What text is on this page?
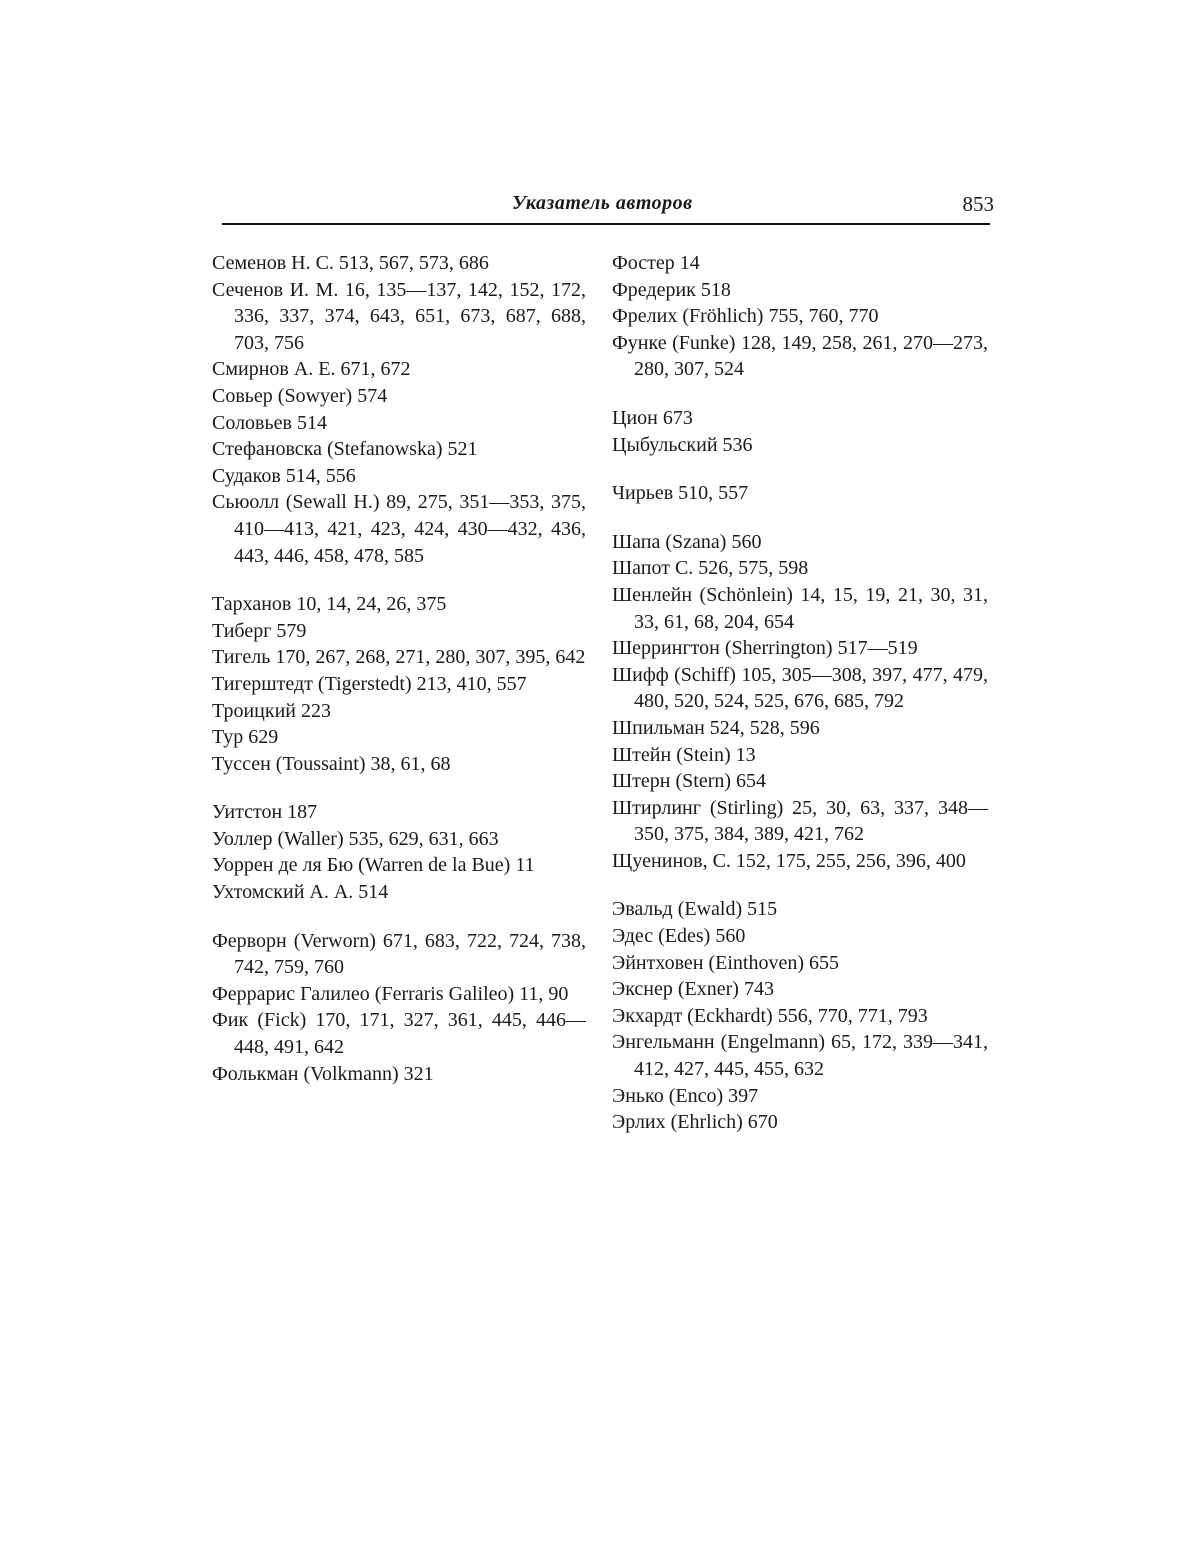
Указатель авторов	853

Семенов Н. С. 513, 567, 573, 686

Сеченов И. М. 16, 135—137, 142, 152, 172, 336, 337, 374, 643, 651, 673, 687, 688, 703, 756

Смирнов А. Е. 671, 672

Совьер (Sowyer) 574

Соловьев 514

Стефановска (Stefanowska) 521

Судаков 514, 556

Сьюолл (Sewall H.) 89, 275, 351—353, 375, 410—413, 421, 423, 424, 430—432, 436, 443, 446, 458, 478, 585

Тарханов 10, 14, 24, 26, 375

Тиберг 579

Тигель 170, 267, 268, 271, 280, 307, 395, 642

Тигерштедт (Tigerstedt) 213, 410, 557

Троицкий 223

Тур 629

Туссен (Toussaint) 38, 61, 68

Уитстон 187

Уоллер (Waller) 535, 629, 631, 663

Уоррен де ля Бю (Warren de la Bue) 11

Ухтомский А. А. 514

Ферворн (Verworn) 671, 683, 722, 724, 738, 742, 759, 760

Феррарис Галилео (Ferraris Galileo) 11, 90

Фик (Fick) 170, 171, 327, 361, 445, 446—448, 491, 642

Фолькман (Volkmann) 321

Фостер 14

Фредерик 518

Фрелих (Fröhlich) 755, 760, 770

Функе (Funke) 128, 149, 258, 261, 270—273, 280, 307, 524

Цион 673

Цыбульский 536

Чирьев 510, 557

Шапа (Szana) 560

Шапот С. 526, 575, 598

Шенлейн (Schönlein) 14, 15, 19, 21, 30, 31, 33, 61, 68, 204, 654

Шеррингтон (Sherrington) 517—519

Шифф (Schiff) 105, 305—308, 397, 477, 479, 480, 520, 524, 525, 676, 685, 792

Шпильман 524, 528, 596

Штейн (Stein) 13

Штерн (Stern) 654

Штирлинг (Stirling) 25, 30, 63, 337, 348—350, 375, 384, 389, 421, 762

Щуенинов, С. 152, 175, 255, 256, 396, 400

Эвальд (Ewald) 515

Эдес (Edes) 560

Эйнтховен (Einthoven) 655

Экснер (Exner) 743

Экхардт (Eckhardt) 556, 770, 771, 793

Энгельманн (Engelmann) 65, 172, 339—341, 412, 427, 445, 455, 632

Энько (Enco) 397

Эрлих (Ehrlich) 670
